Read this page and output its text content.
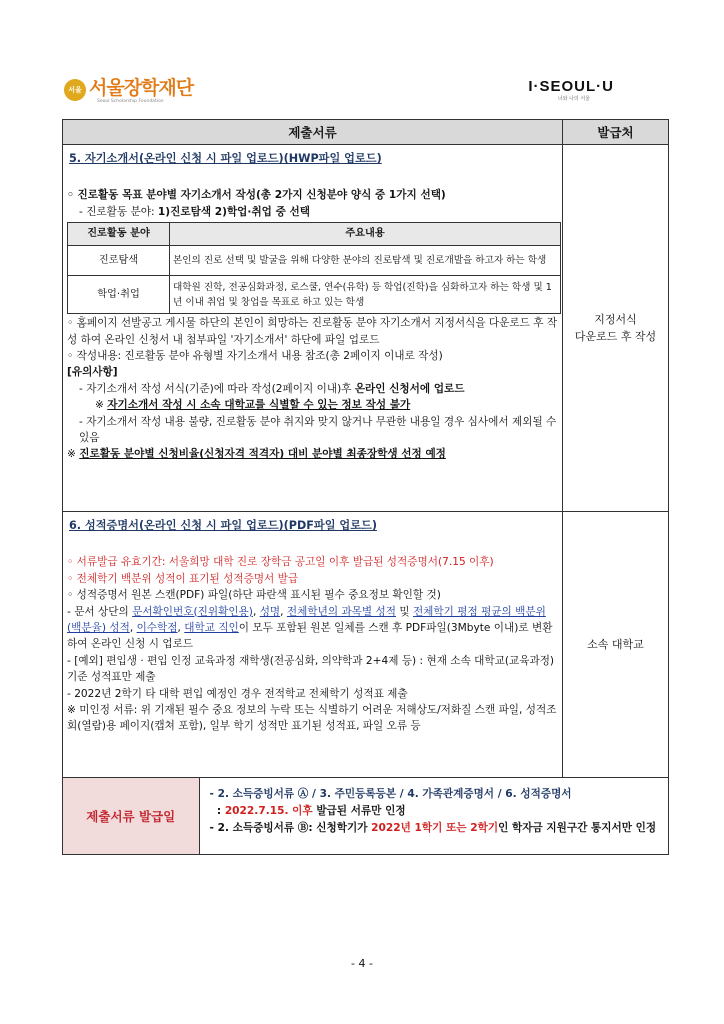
서울 서울장학재단
Seoul Scholarship Foundation
I·SEOUL·U
너와 나의 서울
제출서류	발급처

5. 자기소개서(온라인 신청 시 파일 업로드)(HWP파일 업로드)

◦ 진로활동 목표 분야별 자기소개서 작성(총 2가지 신청분야 양식 중 1가지 선택)

- 진로활동 분야: 1)진로탐색 2)학업·취업 중 선택

진로활동 분야	주요내용
진로탐색	본인의 진로 선택 및 발굴을 위해 다양한 분야의 진로탐색 및 진로개발을 하고자 하는 학생
학업·취업	대학원 진학, 전공심화과정, 로스쿨, 연수(유학) 등 학업(진학)을 심화하고자 하는 학생 및 1년 이내 취업 및 창업을 목표로 하고 있는 학생

◦ 홈페이지 선발공고 게시물 하단의 본인이 희망하는 진로활동 분야 자기소개서 지정서식을 다운로드 후 작성 하여 온라인 신청서 내 첨부파일 '자기소개서' 하단에 파일 업로드

◦ 작성내용: 진로활동 분야 유형별 자기소개서 내용 참조(총 2페이지 이내로 작성)

[유의사항]

- 자기소개서 작성 서식(기준)에 따라 작성(2페이지 이내)후 온라인 신청서에 업로드

※ 자기소개서 작성 시 소속 대학교를 식별할 수 있는 정보 작성 불가

- 자기소개서 작성 내용 불량, 진로활동 분야 취지와 맞지 않거나 무관한 내용일 경우 심사에서 제외될 수 있음

※ 진로활동 분야별 신청비율(신청자격 적격자) 대비 분야별 최종장학생 선정 예정

	지정서식
다운로드 후 작성

6. 성적증명서(온라인 신청 시 파일 업로드)(PDF파일 업로드)

◦ 서류발급 유효기간: 서울희망 대학 진로 장학금 공고일 이후 발급된 성적증명서(7.15 이후)

◦ 전체학기 백분위 성적이 표기된 성적증명서 발급

◦ 성적증명서 원본 스캔(PDF) 파일(하단 파란색 표시된 필수 중요정보 확인할 것)

- 문서 상단의 문서확인번호(진위확인용), 성명, 전체학년의 과목별 성적 및 전체학기 평점 평균의 백분위(백분율) 성적, 이수학점, 대학교 직인이 모두 포함된 원본 일체를 스캔 후 PDF파일(3Mbyte 이내)로 변환하여 온라인 신청 시 업로드

- [예외] 편입생 · 편입 인정 교육과정 재학생(전공심화, 의약학과 2+4제 등) : 현재 소속 대학교(교육과정) 기준 성적표만 제출

- 2022년 2학기 타 대학 편입 예정인 경우 전적학교 전체학기 성적표 제출

※ 미인정 서류: 위 기재된 필수 중요 정보의 누락 또는 식별하기 어려운 저해상도/저화질 스캔 파일, 성적조회(열람)용 페이지(캡쳐 포함), 일부 학기 성적만 표기된 성적표, 파일 오류 등

	소속 대학교

제출서류 발급일	

- 2. 소득증빙서류 Ⓐ / 3. 주민등록등본 / 4. 가족관계증명서 / 6. 성적증명서

: 2022.7.15. 이후 발급된 서류만 인정

- 2. 소득증빙서류 Ⓑ: 신청학기가 2022년 1학기 또는 2학기인 학자금 지원구간 통지서만 인정

- 4 -
